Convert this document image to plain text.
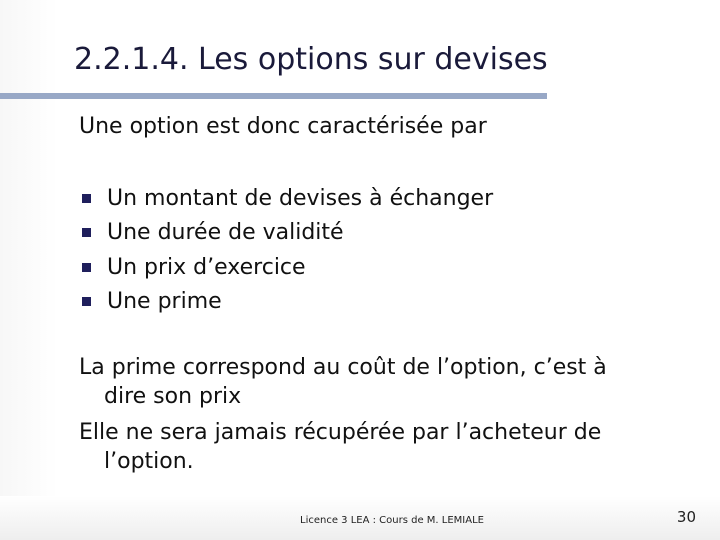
2.2.1.4. Les options sur devises
Une option est donc caractérisée par
Un montant de devises à échanger
Une durée de validité
Un prix d’exercice
Une prime
La prime correspond au coût de l’option, c’est à
dire son prix
Elle ne sera jamais récupérée par l’acheteur de
l’option.
Licence 3 LEA : Cours de M. LEMIALE	30
